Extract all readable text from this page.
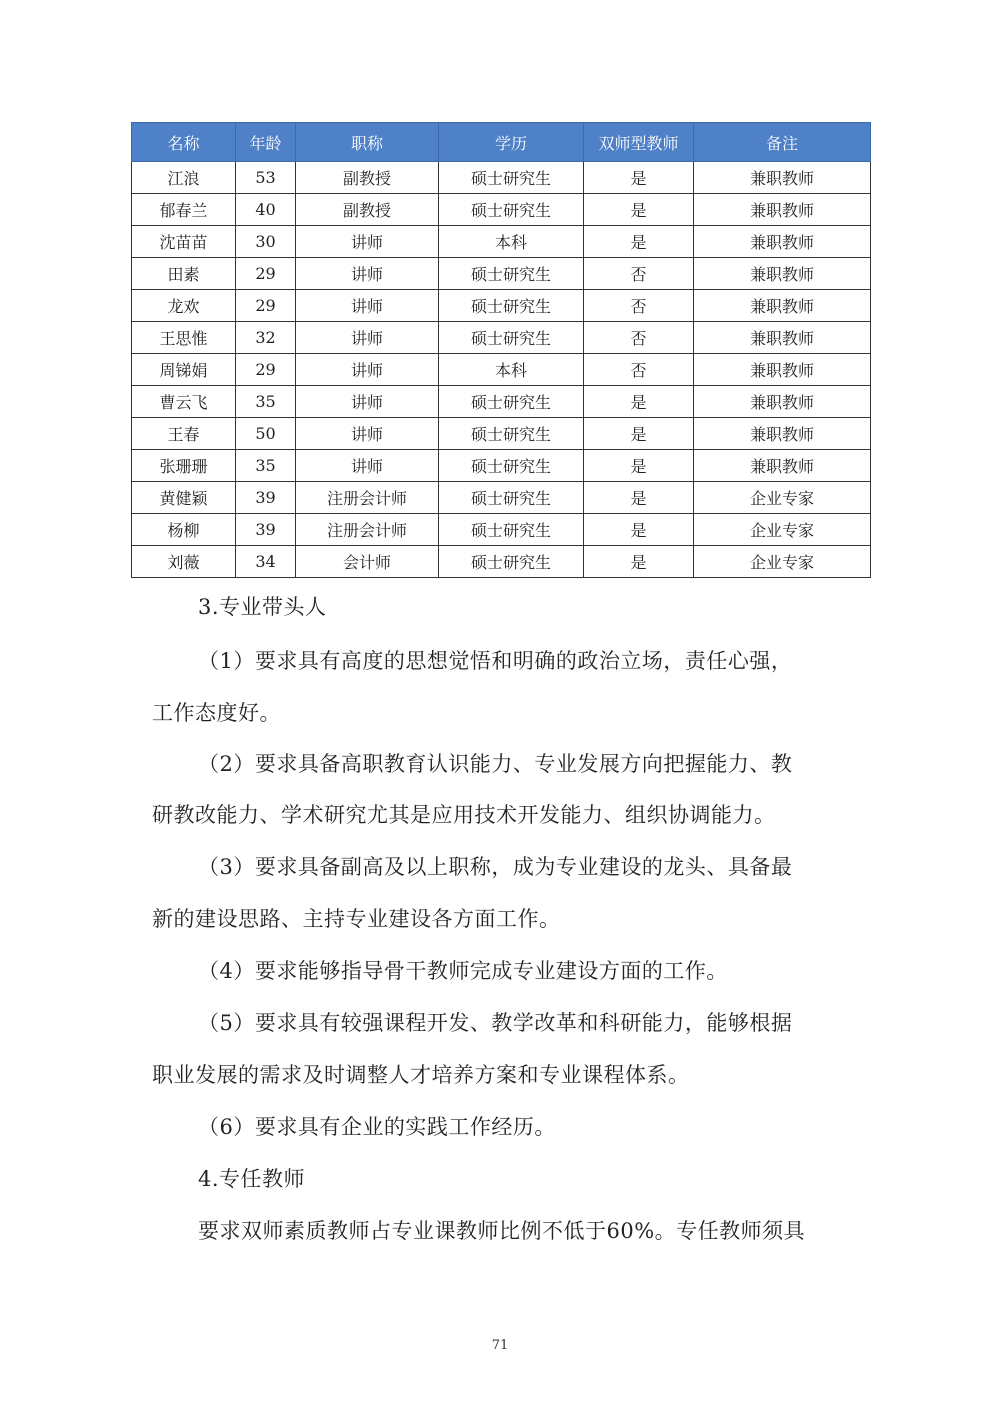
名称	年龄	职称	学历	双师型教师	备注
江浪	53	副教授	硕士研究生	是	兼职教师
郁春兰	40	副教授	硕士研究生	是	兼职教师
沈苗苗	30	讲师	本科	是	兼职教师
田素	29	讲师	硕士研究生	否	兼职教师
龙欢	29	讲师	硕士研究生	否	兼职教师
王思惟	32	讲师	硕士研究生	否	兼职教师
周锑娟	29	讲师	本科	否	兼职教师
曹云飞	35	讲师	硕士研究生	是	兼职教师
王春	50	讲师	硕士研究生	是	兼职教师
张珊珊	35	讲师	硕士研究生	是	兼职教师
黄健颖	39	注册会计师	硕士研究生	是	企业专家
杨柳	39	注册会计师	硕士研究生	是	企业专家
刘薇	34	会计师	硕士研究生	是	企业专家
3.专业带头人
（1）要求具有高度的思想觉悟和明确的政治立场，责任心强，
工作态度好。
（2）要求具备高职教育认识能力、专业发展方向把握能力、教
研教改能力、学术研究尤其是应用技术开发能力、组织协调能力。
（3）要求具备副高及以上职称，成为专业建设的龙头、具备最
新的建设思路、主持专业建设各方面工作。
（4）要求能够指导骨干教师完成专业建设方面的工作。
（5）要求具有较强课程开发、教学改革和科研能力，能够根据
职业发展的需求及时调整人才培养方案和专业课程体系。
（6）要求具有企业的实践工作经历。
4.专任教师
要求双师素质教师占专业课教师比例不低于60%。专任教师须具
71
